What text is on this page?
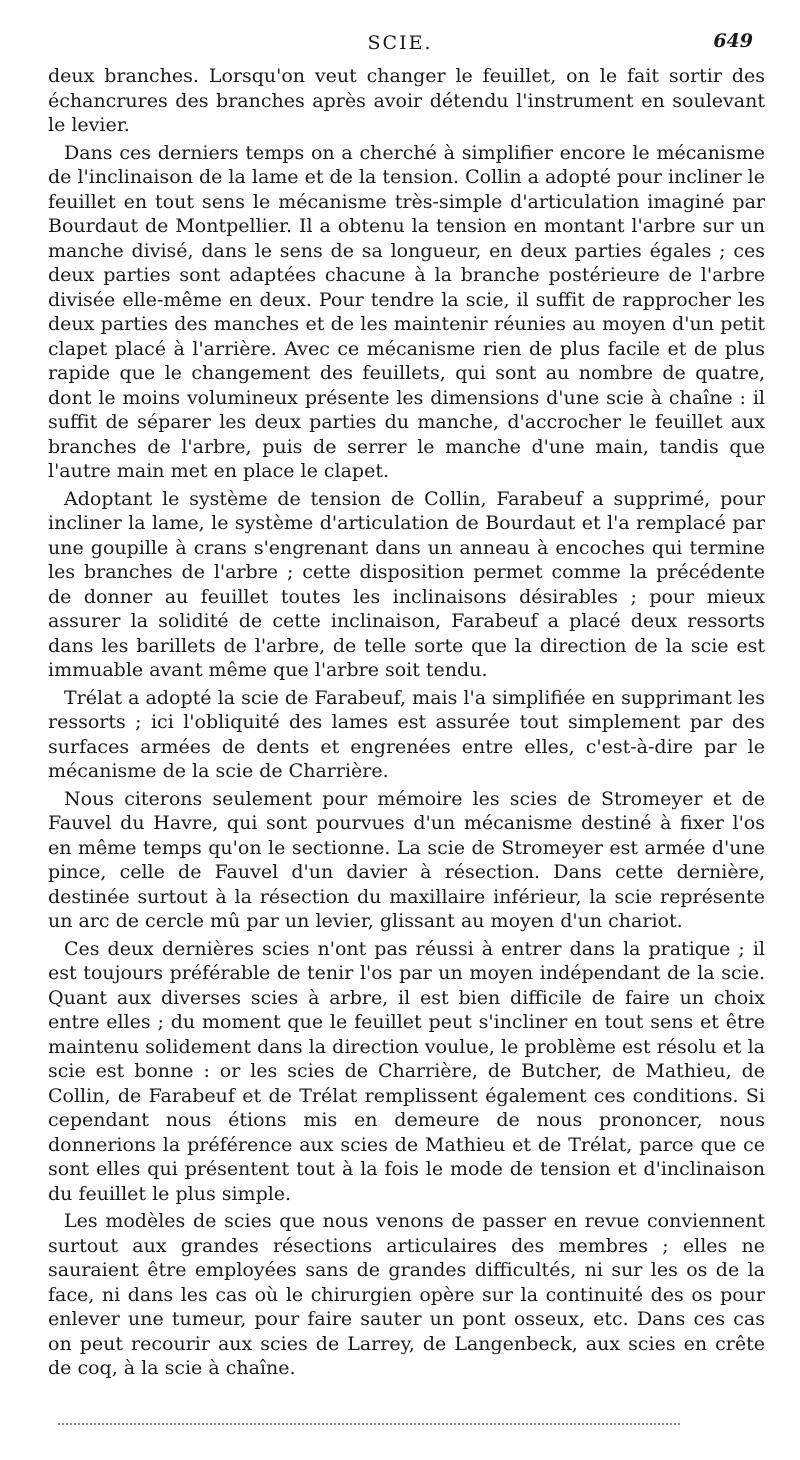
SCIE.	649

deux branches. Lorsqu'on veut changer le feuillet, on le fait sortir des échancrures des branches après avoir détendu l'instrument en soulevant le levier.

Dans ces derniers temps on a cherché à simplifier encore le mécanisme de l'inclinaison de la lame et de la tension. Collin a adopté pour incliner le feuillet en tout sens le mécanisme très-simple d'articulation imaginé par Bourdaut de Montpellier. Il a obtenu la tension en montant l'arbre sur un manche divisé, dans le sens de sa longueur, en deux parties égales ; ces deux parties sont adaptées chacune à la branche postérieure de l'arbre divisée elle-même en deux. Pour tendre la scie, il suffit de rapprocher les deux parties des manches et de les maintenir réunies au moyen d'un petit clapet placé à l'arrière. Avec ce mécanisme rien de plus facile et de plus rapide que le changement des feuillets, qui sont au nombre de quatre, dont le moins volumineux présente les dimensions d'une scie à chaîne : il suffit de séparer les deux parties du manche, d'accrocher le feuillet aux branches de l'arbre, puis de serrer le manche d'une main, tandis que l'autre main met en place le clapet.

Adoptant le système de tension de Collin, Farabeuf a supprimé, pour incliner la lame, le système d'articulation de Bourdaut et l'a remplacé par une goupille à crans s'engrenant dans un anneau à encoches qui termine les branches de l'arbre ; cette disposition permet comme la précédente de donner au feuillet toutes les inclinaisons désirables ; pour mieux assurer la solidité de cette inclinaison, Farabeuf a placé deux ressorts dans les barillets de l'arbre, de telle sorte que la direction de la scie est immuable avant même que l'arbre soit tendu.

Trélat a adopté la scie de Farabeuf, mais l'a simplifiée en supprimant les ressorts ; ici l'obliquité des lames est assurée tout simplement par des surfaces armées de dents et engrenées entre elles, c'est-à-dire par le mécanisme de la scie de Charrière.

Nous citerons seulement pour mémoire les scies de Stromeyer et de Fauvel du Havre, qui sont pourvues d'un mécanisme destiné à fixer l'os en même temps qu'on le sectionne. La scie de Stromeyer est armée d'une pince, celle de Fauvel d'un davier à résection. Dans cette dernière, destinée surtout à la résection du maxillaire inférieur, la scie représente un arc de cercle mû par un levier, glissant au moyen d'un chariot.

Ces deux dernières scies n'ont pas réussi à entrer dans la pratique ; il est toujours préférable de tenir l'os par un moyen indépendant de la scie. Quant aux diverses scies à arbre, il est bien difficile de faire un choix entre elles ; du moment que le feuillet peut s'incliner en tout sens et être maintenu solidement dans la direction voulue, le problème est résolu et la scie est bonne : or les scies de Charrière, de Butcher, de Mathieu, de Collin, de Farabeuf et de Trélat remplissent également ces conditions. Si cependant nous étions mis en demeure de nous prononcer, nous donnerions la préférence aux scies de Mathieu et de Trélat, parce que ce sont elles qui présentent tout à la fois le mode de tension et d'inclinaison du feuillet le plus simple.

Les modèles de scies que nous venons de passer en revue conviennent surtout aux grandes résections articulaires des membres ; elles ne sauraient être employées sans de grandes difficultés, ni sur les os de la face, ni dans les cas où le chirurgien opère sur la continuité des os pour enlever une tumeur, pour faire sauter un pont osseux, etc. Dans ces cas on peut recourir aux scies de Larrey, de Langenbeck, aux scies en crête de coq, à la scie à chaîne.
